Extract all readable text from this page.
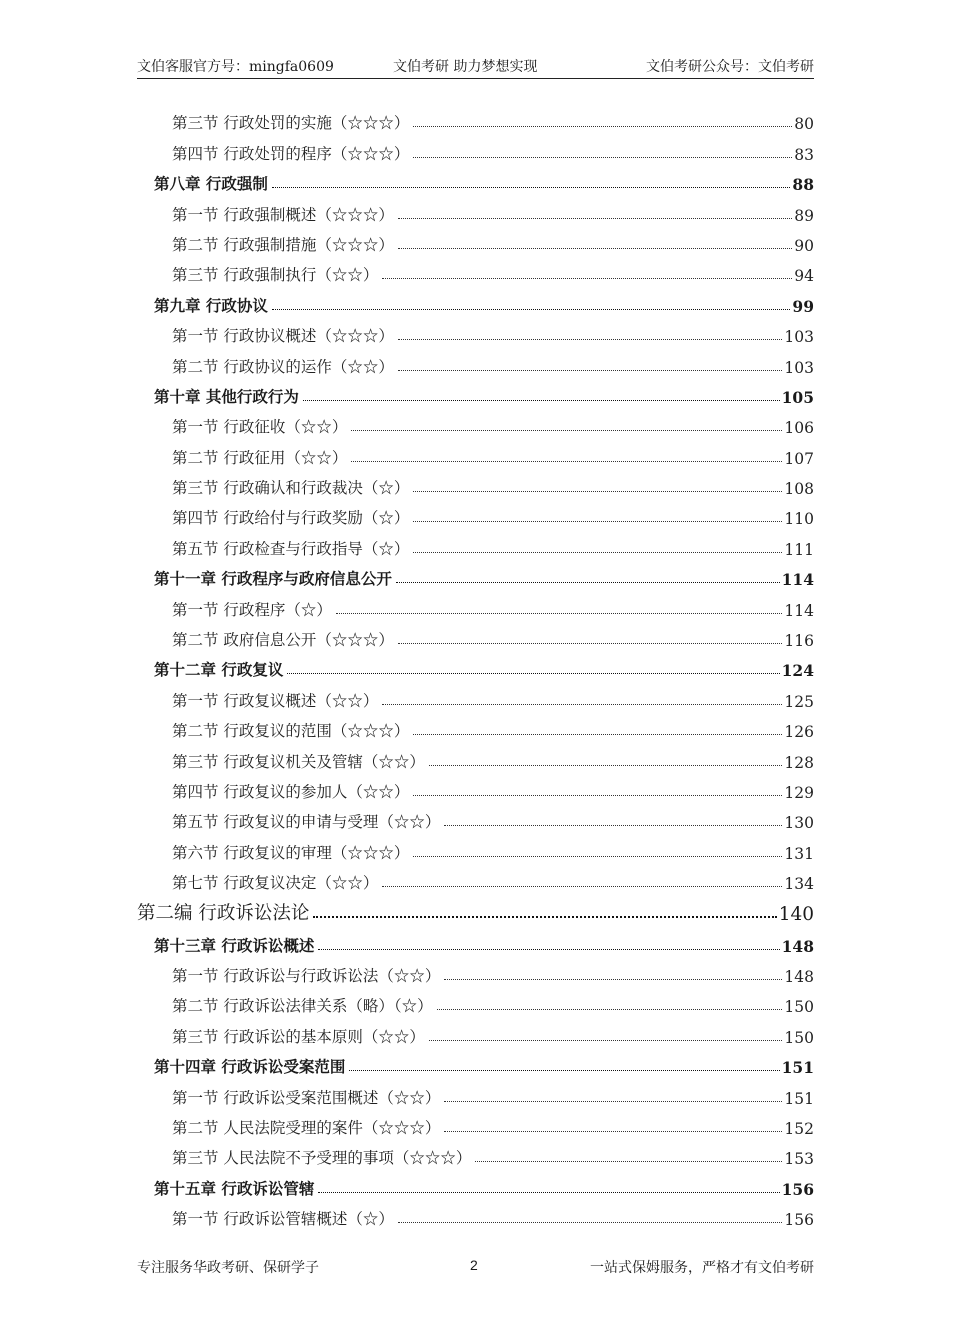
文伯客服官方号：mingfa0609	文伯考研 助力梦想实现	文伯考研公众号：文伯考研
第三节 行政处罚的实施（☆☆☆）	80
第四节 行政处罚的程序（☆☆☆）	83
第八章 行政强制	88
第一节 行政强制概述（☆☆☆）	89
第二节 行政强制措施（☆☆☆）	90
第三节 行政强制执行（☆☆）	94
第九章 行政协议	99
第一节 行政协议概述（☆☆☆）	103
第二节 行政协议的运作（☆☆）	103
第十章 其他行政行为	105
第一节 行政征收（☆☆）	106
第二节 行政征用（☆☆）	107
第三节 行政确认和行政裁决（☆）	108
第四节 行政给付与行政奖励（☆）	110
第五节 行政检查与行政指导（☆）	111
第十一章 行政程序与政府信息公开	114
第一节 行政程序（☆）	114
第二节 政府信息公开（☆☆☆）	116
第十二章 行政复议	124
第一节 行政复议概述（☆☆）	125
第二节 行政复议的范围（☆☆☆）	126
第三节 行政复议机关及管辖（☆☆）	128
第四节 行政复议的参加人（☆☆）	129
第五节 行政复议的申请与受理（☆☆）	130
第六节 行政复议的审理（☆☆☆）	131
第七节 行政复议决定（☆☆）	134
第二编 行政诉讼法论	140
第十三章 行政诉讼概述	148
第一节 行政诉讼与行政诉讼法（☆☆）	148
第二节 行政诉讼法律关系（略）（☆）	150
第三节 行政诉讼的基本原则（☆☆）	150
第十四章 行政诉讼受案范围	151
第一节 行政诉讼受案范围概述（☆☆）	151
第二节 人民法院受理的案件（☆☆☆）	152
第三节 人民法院不予受理的事项（☆☆☆）	153
第十五章 行政诉讼管辖	156
第一节 行政诉讼管辖概述（☆）	156
专注服务华政考研、保研学子	2	一站式保姆服务，严格才有文伯考研
